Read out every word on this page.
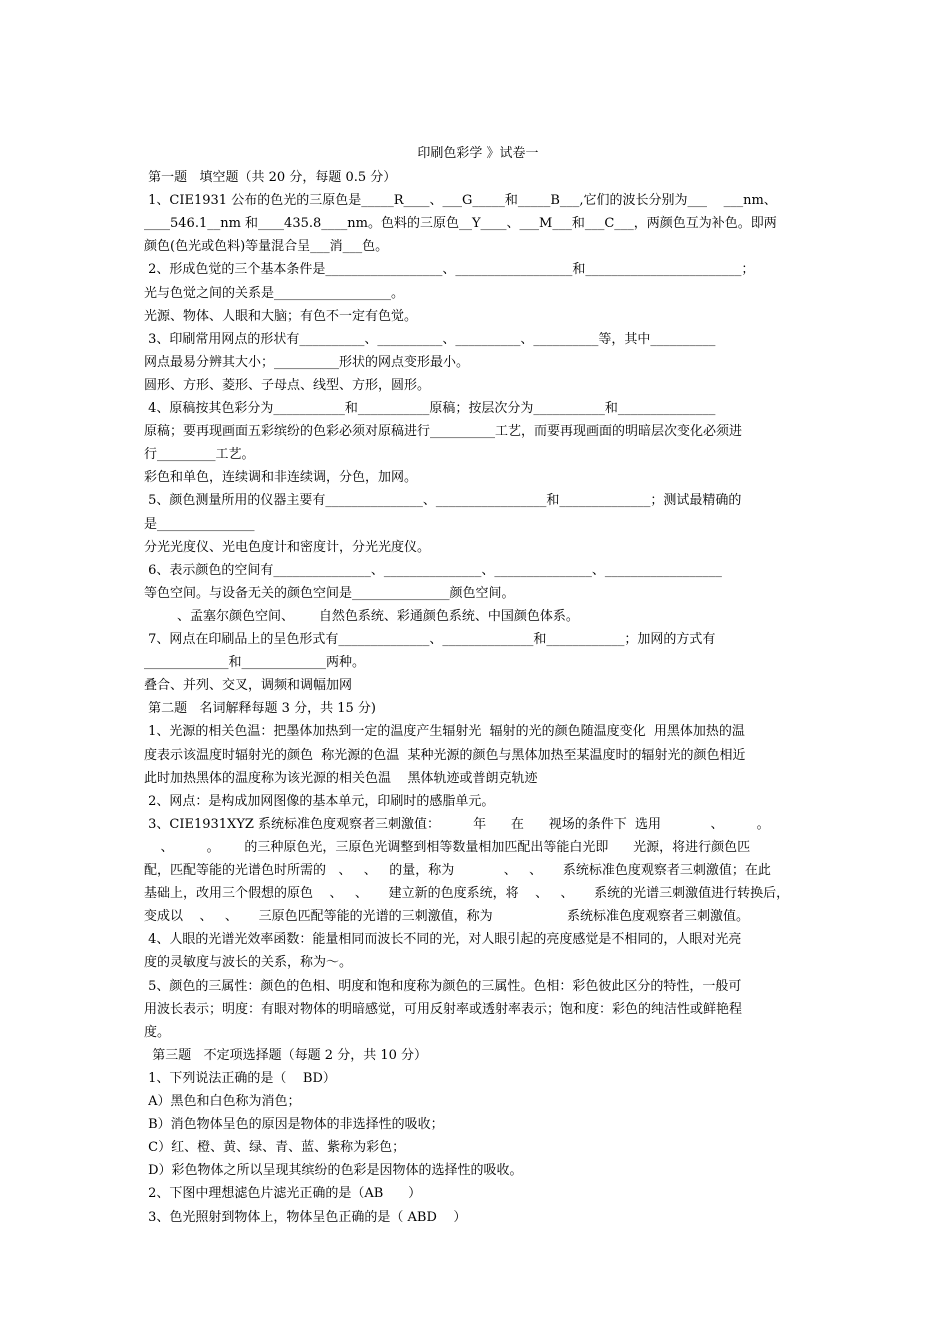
印刷色彩学 》试卷一
第一题   填空题（共 20 分，每题 0.5 分）
1、CIE1931 公布的色光的三原色是_____R____、___G_____和_____B___,它们的波长分别为___    ___nm、
____546.1__nm 和____435.8____nm。色料的三原色__Y____、___M___和___C___，两颜色互为补色。即两
颜色(色光或色料)等量混合呈___消___色。
2、形成色觉的三个基本条件是__________________、__________________和________________________；
光与色觉之间的关系是__________________。
光源、物体、人眼和大脑；有色不一定有色觉。
3、印刷常用网点的形状有__________、__________、__________、__________等，其中__________
网点最易分辨其大小；__________形状的网点变形最小。
圆形、方形、菱形、子母点、线型、方形，圆形。
4、原稿按其色彩分为___________和___________原稿；按层次分为___________和_______________
原稿；要再现画面五彩缤纷的色彩必须对原稿进行__________工艺，而要再现画面的明暗层次变化必须进
行_________工艺。
彩色和单色，连续调和非连续调，分色，加网。
5、颜色测量所用的仪器主要有_______________、_________________和______________；测试最精确的
是_______________
分光光度仪、光电色度计和密度计，分光光度仪。
6、表示颜色的空间有_______________、_______________、_______________、__________________
等色空间。与设备无关的颜色空间是_______________颜色空间。
、孟塞尔颜色空间、      自然色系统、彩通颜色系统、中国颜色体系。
7、网点在印刷品上的呈色形式有______________、______________和____________；加网的方式有
_____________和_____________两种。
叠合、并列、交叉，调频和调幅加网
第二题   名词解释每题 3 分，共 15 分)
1、光源的相关色温：把墨体加热到一定的温度产生辐射光  辐射的光的颜色随温度变化  用黑体加热的温
度表示该温度时辐射光的颜色  称光源的色温  某种光源的颜色与黑体加热至某温度时的辐射光的颜色相近
此时加热黑体的温度称为该光源的相关色温    黑体轨迹或普朗克轨迹
2、网点：是构成加网图像的基本单元，印刷时的感脂单元。
3、CIE1931XYZ 系统标准色度观察者三刺激值：        年      在      视场的条件下  选用            、        。
、        。      的三种原色光，三原色光调整到相等数量相加匹配出等能白光即      光源，将进行颜色匹
配，匹配等能的光谱色时所需的   、   、   的量，称为            、   、     系统标准色度观察者三刺激值；在此
基础上，改用三个假想的原色    、   、     建立新的色度系统，将    、   、     系统的光谱三刺激值进行转换后，
变成以    、   、     三原色匹配等能的光谱的三刺激值，称为                  系统标准色度观察者三刺激值。
4、人眼的光谱光效率函数：能量相同而波长不同的光，对人眼引起的亮度感觉是不相同的，人眼对光亮
度的灵敏度与波长的关系，称为～。
5、颜色的三属性：颜色的色相、明度和饱和度称为颜色的三属性。色相：彩色彼此区分的特性，一般可
用波长表示；明度：有眼对物体的明暗感觉，可用反射率或透射率表示；饱和度：彩色的纯洁性或鲜艳程
度。
第三题   不定项选择题（每题 2 分，共 10 分）
1、下列说法正确的是（    BD）
A）黑色和白色称为消色；
B）消色物体呈色的原因是物体的非选择性的吸收；
C）红、橙、黄、绿、青、蓝、紫称为彩色；
D）彩色物体之所以呈现其缤纷的色彩是因物体的选择性的吸收。
2、下图中理想滤色片滤光正确的是（AB      ）
3、色光照射到物体上，物体呈色正确的是（ ABD    ）
